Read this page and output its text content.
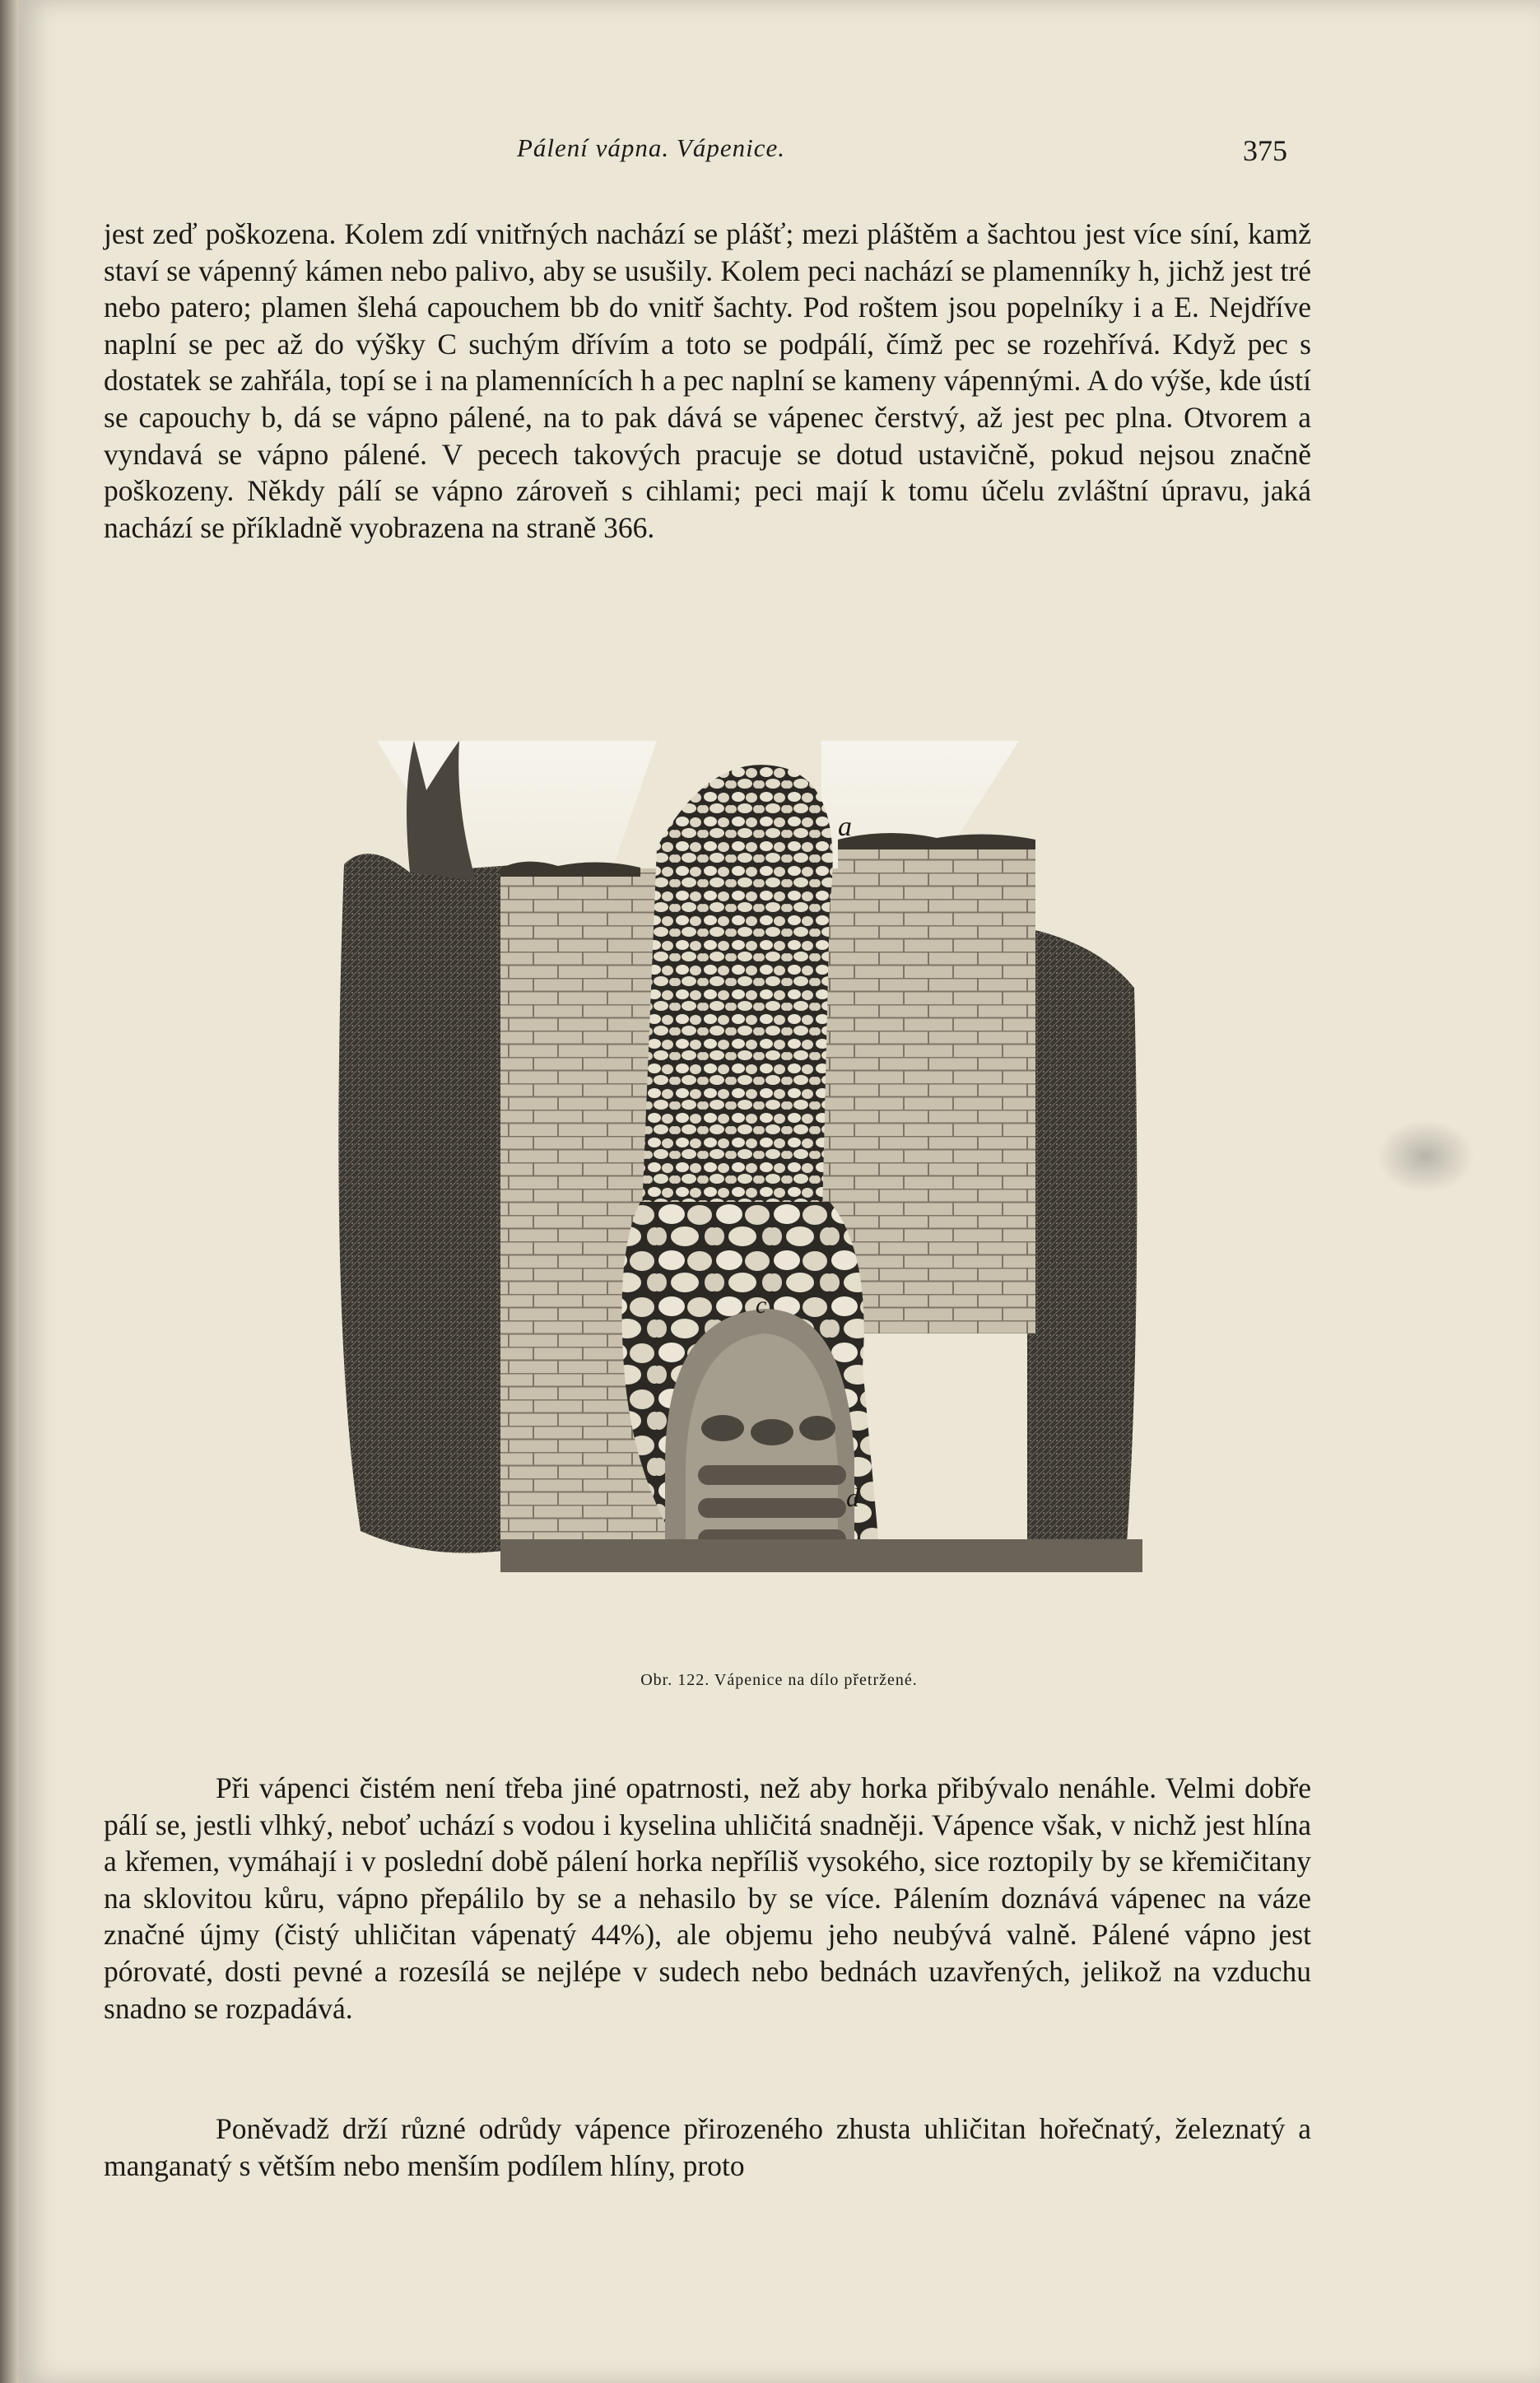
Pálení vápna. Vápenice.	375

jest zeď poškozena. Kolem zdí vnitřných nachází se plášť; mezi pláštěm a šachtou jest více síní, kamž staví se vápenný kámen nebo palivo, aby se usušily. Kolem peci nachází se plamenníky h, jichž jest tré nebo patero; plamen šlehá capouchem bb do vnitř šachty. Pod roštem jsou popelníky i a E. Nejdříve naplní se pec až do výšky C suchým dřívím a toto se podpálí, čímž pec se rozehřívá. Když pec s dostatek se zahřála, topí se i na plamennících h a pec naplní se kameny vápennými. A do výše, kde ústí se capouchy b, dá se vápno pálené, na to pak dává se vápenec čerstvý, až jest pec plna. Otvorem a vyndavá se vápno pálené. V pecech takových pracuje se dotud ustavičně, pokud nejsou značně poškozeny. Někdy pálí se vápno zároveň s cihlami; peci mají k tomu účelu zvláštní úpravu, jaká nachází se příkladně vyobrazena na straně 366.

a
c
d
Obr. 122. Vápenice na dílo přetržené.

Při vápenci čistém není třeba jiné opatrnosti, než aby horka přibývalo nenáhle. Velmi dobře pálí se, jestli vlhký, neboť uchází s vodou i kyselina uhličitá snadněji. Vápence však, v nichž jest hlína a křemen, vymáhají i v poslední době pálení horka nepříliš vysokého, sice roztopily by se křemičitany na sklovitou kůru, vápno přepálilo by se a nehasilo by se více. Pálením doznává vápenec na váze značné újmy (čistý uhličitan vápenatý 44%), ale objemu jeho neubývá valně. Pálené vápno jest pórovaté, dosti pevné a rozesílá se nejlépe v sudech nebo bednách uzavřených, jelikož na vzduchu snadno se rozpadává.

Poněvadž drží různé odrůdy vápence přirozeného zhusta uhličitan hořečnatý, železnatý a manganatý s větším nebo menším podílem hlíny, proto
